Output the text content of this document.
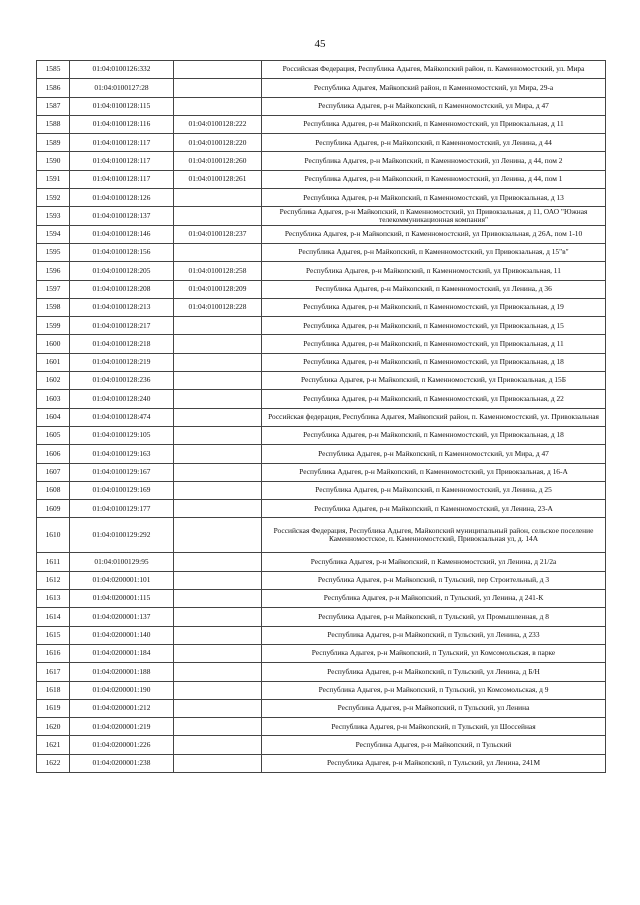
45
1585	01:04:0100126:332		Российская Федерация, Республика Адыгея, Майкопский район, п. Каменномостский, ул. Мира
1586	01:04:0100127:28		Республика Адыгея, Майкопский район, п Каменномостский, ул Мира, 29-а
1587	01:04:0100128:115		Республика Адыгея, р-н Майкопский, п Каменномостский, ул Мира, д 47
1588	01:04:0100128:116	01:04:0100128:222	Республика Адыгея, р-н Майкопский, п Каменномостский, ул Привокзальная, д 11
1589	01:04:0100128:117	01:04:0100128:220	Республика Адыгея, р-н Майкопский, п Каменномостский, ул Ленина, д 44
1590	01:04:0100128:117	01:04:0100128:260	Республика Адыгея, р-н Майкопский, п Каменномостский, ул Ленина, д 44, пом 2
1591	01:04:0100128:117	01:04:0100128:261	Республика Адыгея, р-н Майкопский, п Каменномостский, ул Ленина, д 44, пом 1
1592	01:04:0100128:126		Республика Адыгея, р-н Майкопский, п Каменномостский, ул Привокзальная, д 13
1593	01:04:0100128:137		Республика Адыгея, р-н Майкопский, п Каменномостский, ул Привокзальная, д 11, ОАО "Южная телекоммуникационная компания"
1594	01:04:0100128:146	01:04:0100128:237	Республика Адыгея, р-н Майкопский, п Каменномостский, ул Привокзальная, д 26А, пом 1-10
1595	01:04:0100128:156		Республика Адыгея, р-н Майкопский, п Каменномостский, ул Привокзальная, д 15"в"
1596	01:04:0100128:205	01:04:0100128:258	Республика Адыгея, р-н Майкопский, п Каменномостский, ул Привокзальная, 11
1597	01:04:0100128:208	01:04:0100128:209	Республика Адыгея, р-н Майкопский, п Каменномостский, ул Ленина, д 36
1598	01:04:0100128:213	01:04:0100128:228	Республика Адыгея, р-н Майкопский, п Каменномостский, ул Привокзальная, д 19
1599	01:04:0100128:217		Республика Адыгея, р-н Майкопский, п Каменномостский, ул Привокзальная, д 15
1600	01:04:0100128:218		Республика Адыгея, р-н Майкопский, п Каменномостский, ул Привокзальная, д 11
1601	01:04:0100128:219		Республика Адыгея, р-н Майкопский, п Каменномостский, ул Привокзальная, д 18
1602	01:04:0100128:236		Республика Адыгея, р-н Майкопский, п Каменномостский, ул Привокзальная, д 15Б
1603	01:04:0100128:240		Республика Адыгея, р-н Майкопский, п Каменномостский, ул Привокзальная, д 22
1604	01:04:0100128:474		Российская федерация, Республика Адыгея, Майкопский район, п. Каменномостский, ул. Привокзальная
1605	01:04:0100129:105		Республика Адыгея, р-н Майкопский, п Каменномостский, ул Привокзальная, д 18
1606	01:04:0100129:163		Республика Адыгея, р-н Майкопский, п Каменномостский, ул Мира, д 47
1607	01:04:0100129:167		Республика Адыгея, р-н Майкопский, п Каменномостский, ул Привокзальная, д 16-А
1608	01:04:0100129:169		Республика Адыгея, р-н Майкопский, п Каменномостский, ул Ленина, д 25
1609	01:04:0100129:177		Республика Адыгея, р-н Майкопский, п Каменномостский, ул Ленина, 23-А
1610	01:04:0100129:292		Российская Федерация, Республика Адыгея, Майкопский муниципальный район, сельское поселение Каменномостское, п. Каменномостский, Привокзальная ул, д. 14А
1611	01:04:0100129:95		Республика Адыгея, р-н Майкопский, п Каменномостский, ул Ленина, д 21/2а
1612	01:04:0200001:101		Республика Адыгея, р-н Майкопский, п Тульский, пер Строительный, д 3
1613	01:04:0200001:115		Республика Адыгея, р-н Майкопский, п Тульский, ул Ленина, д 241-К
1614	01:04:0200001:137		Республика Адыгея, р-н Майкопский, п Тульский, ул Промышленная, д 8
1615	01:04:0200001:140		Республика Адыгея, р-н Майкопский, п Тульский, ул Ленина, д 233
1616	01:04:0200001:184		Республика Адыгея, р-н Майкопский, п Тульский, ул Комсомольская, в парке
1617	01:04:0200001:188		Республика Адыгея, р-н Майкопский, п Тульский, ул Ленина, д Б/Н
1618	01:04:0200001:190		Республика Адыгея, р-н Майкопский, п Тульский, ул Комсомольская, д 9
1619	01:04:0200001:212		Республика Адыгея, р-н Майкопский, п Тульский, ул Ленина
1620	01:04:0200001:219		Республика Адыгея, р-н Майкопский, п Тульский, ул Шоссейная
1621	01:04:0200001:226		Республика Адыгея, р-н Майкопский, п Тульский
1622	01:04:0200001:238		Республика Адыгея, р-н Майкопский, п Тульский, ул Ленина, 241М
